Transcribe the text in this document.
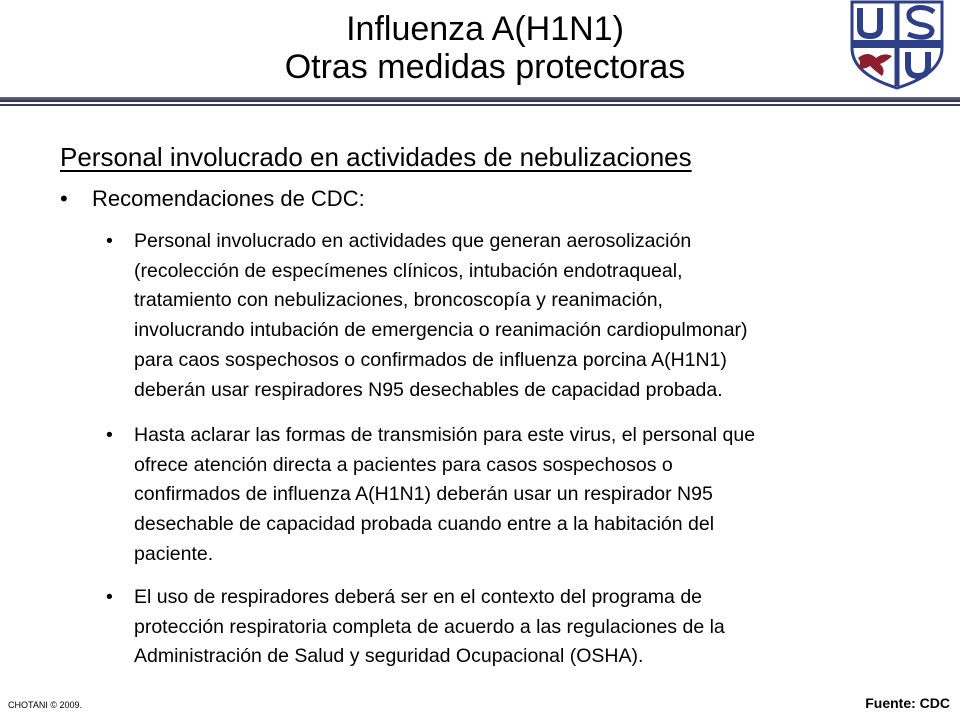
Influenza A(H1N1)
Otras medidas protectoras
Personal involucrado en actividades de nebulizaciones
• Recomendaciones de CDC:
• Personal involucrado en actividades que generan aerosolización
(recolección de especímenes clínicos, intubación endotraqueal,
tratamiento con nebulizaciones, broncoscopía y reanimación,
involucrando intubación de emergencia o reanimación cardiopulmonar)
para caos sospechosos o confirmados de influenza porcina A(H1N1)
deberán usar respiradores N95 desechables de capacidad probada.
• Hasta aclarar las formas de transmisión para este virus, el personal que
ofrece atención directa a pacientes para casos sospechosos o
confirmados de influenza A(H1N1) deberán usar un respirador N95
desechable de capacidad probada cuando entre a la habitación del
paciente.
• El uso de respiradores deberá ser en el contexto del programa de
protección respiratoria completa de acuerdo a las regulaciones de la
Administración de Salud y seguridad Ocupacional (OSHA).
CHOTANI © 2009.	Fuente: CDC
